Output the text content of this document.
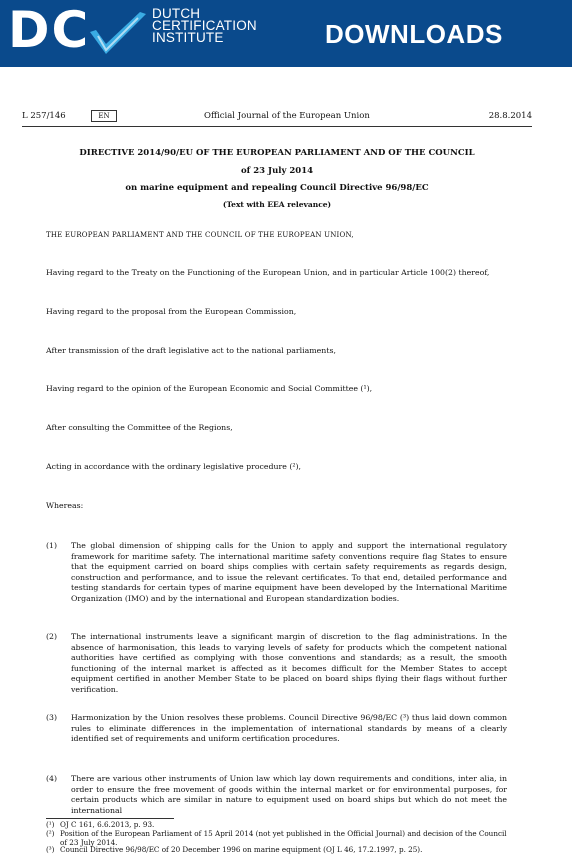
DC	DUTCH
CERTIFICATION
INSTITUTE	DOWNLOADS
L 257/146	EN	Official Journal of the European Union	28.8.2014
DIRECTIVE 2014/90/EU OF THE EUROPEAN PARLIAMENT AND OF THE COUNCIL
of 23 July 2014
on marine equipment and repealing Council Directive 96/98/EC
(Text with EEA relevance)
THE EUROPEAN PARLIAMENT AND THE COUNCIL OF THE EUROPEAN UNION,
Having regard to the Treaty on the Functioning of the European Union, and in particular Article 100(2) thereof,
Having regard to the proposal from the European Commission,
After transmission of the draft legislative act to the national parliaments,
Having regard to the opinion of the European Economic and Social Committee (¹),
After consulting the Committee of the Regions,
Acting in accordance with the ordinary legislative procedure (²),
Whereas:
(1) The global dimension of shipping calls for the Union to apply and support the international regulatory framework for maritime safety. The international maritime safety conventions require flag States to ensure that the equipment carried on board ships complies with certain safety requirements as regards design, construction and performance, and to issue the relevant certificates. To that end, detailed performance and testing standards for certain types of marine equipment have been developed by the International Maritime Organization (IMO) and by the international and European standardization bodies.
(2) The international instruments leave a significant margin of discretion to the flag administrations. In the absence of harmonisation, this leads to varying levels of safety for products which the competent national authorities have certified as complying with those conventions and standards; as a result, the smooth functioning of the internal market is affected as it becomes difficult for the Member States to accept equipment certified in another Member State to be placed on board ships flying their flags without further verification.
(3) Harmonization by the Union resolves these problems. Council Directive 96/98/EC (³) thus laid down common rules to eliminate differences in the implementation of international standards by means of a clearly identified set of requirements and uniform certification procedures.
(4) There are various other instruments of Union law which lay down requirements and conditions, inter alia, in order to ensure the free movement of goods within the internal market or for environmental purposes, for certain products which are similar in nature to equipment used on board ships but which do not meet the international
(¹) OJ C 161, 6.6.2013, p. 93.
(²) Position of the European Parliament of 15 April 2014 (not yet published in the Official Journal) and decision of the Council of 23 July 2014.
(³) Council Directive 96/98/EC of 20 December 1996 on marine equipment (OJ L 46, 17.2.1997, p. 25).
